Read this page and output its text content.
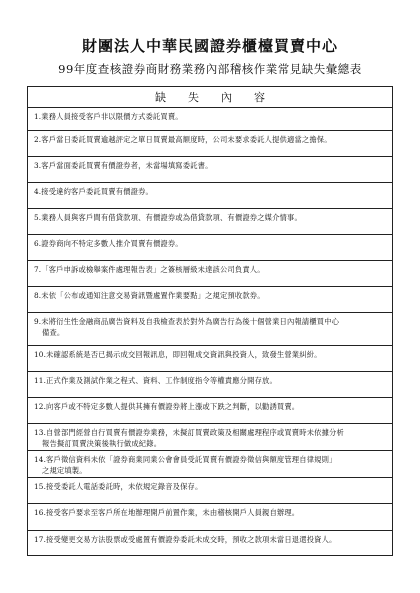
財團法人中華民國證券櫃檯買賣中心
99年度查核證券商財務業務內部稽核作業常見缺失彙總表
缺失內容
1.業務人員接受客戶非以限價方式委託買賣。
2.客戶當日委託買賣逾越評定之單日買賣最高額度時，公司未要求委託人提供適當之擔保。
3.客戶當面委託買賣有價證券者，未當場填寫委託書。
4.接受違約客戶委託買賣有價證券。
5.業務人員與客戶間有借貸款項、有價證券或為借貸款項、有價證券之媒介情事。
6.證券商向不特定多數人推介買賣有價證券。
7.「客戶申訴或檢舉案件處理報告表」之簽核層級未達該公司負責人。
8.未依「公布或通知注意交易資訊暨處置作業要點」之規定預收款券。
9.未將衍生性金融商品廣告資料及自我檢查表於對外為廣告行為後十個營業日內報請櫃買中心
備查。
10.未確認系統是否已揭示成交回報訊息，即回報成交資訊與投資人，致發生營業糾紛。
11.正式作業及測試作業之程式、資料、工作制度指令等權責應分開存放。
12.向客戶或不特定多數人提供其擁有價證券將上漲或下跌之判斷，以勸誘買賣。
13.自營部門經營自行買賣有價證券業務，未擬訂買賣政策及相關處理程序或買賣時未依據分析
報告擬訂買賣決策後執行做成紀錄。
14.客戶徵信資料未依「證券商業同業公會會員受託買賣有價證券徵信與額度管理自律規則」
之規定填製。
15.接受委託人電話委託時，未依規定錄音及保存。
16.接受客戶要求至客戶所在地辦理開戶前置作業，未由稽核開戶人員親自辦理。
17.接受變更交易方法股票或受處置有價證券委託未成交時，預收之款項未當日退還投資人。
